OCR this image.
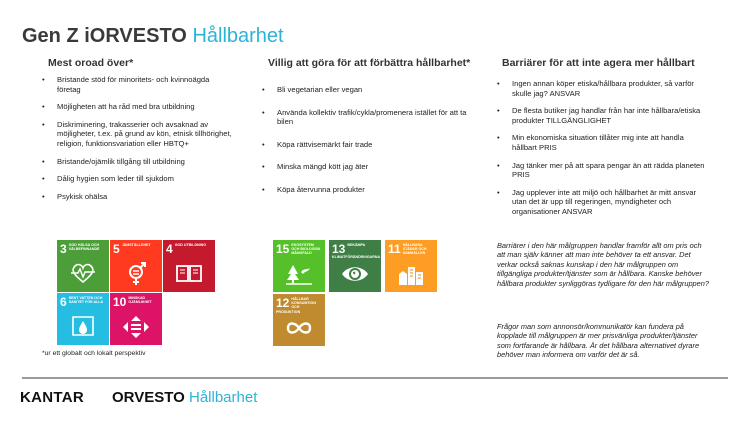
Gen Z iORVESTO Hållbarhet
Mest oroad över*
• Bristande stöd för minoritets- och kvinnoägda företag
• Möjligheten att ha råd med bra utbildning
• Diskriminering, trakasserier och avsaknad av möjligheter, t.ex. på grund av kön, etnisk tillhörighet, religion, funktionsvariation eller HBTQ+
• Bristande/ojämlik tillgång till utbildning
• Dålig hygien som leder till sjukdom
• Psykisk ohälsa
3 GOD HÄLSA OCH VÄLBEFINNANDE	5 JÄMSTÄLLDHET	4 GOD UTBILDNING
6 RENT VATTEN OCH SANITET FÖR ALLA 10 MINSKAD OJÄMLIKHET
*ur ett globalt och lokalt perspektiv
Villig att göra för att förbättra hållbarhet*
• Bli vegetarian eller vegan
• Använda kollektiv trafik/cykla/promenera istället för att ta bilen
• Köpa rättvisemärkt fair trade
• Minska mängd kött jag äter
• Köpa återvunna produkter
15 EKOSYSTEM OCH BIOLOGISK MÅNGFALD	13 BEKÄMPA KLIMATFÖRÄNDRINGARNA
11 HÅLLBARA STÄDER OCH SAMHÄLLEN
12 HÅLLBAR KONSUMTION OCH PRODUKTION
Barriärer för att inte agera mer hållbart
• Ingen annan köper etiska/hållbara produkter, så varför skulle jag? ANSVAR
• De flesta butiker jag handlar från har inte hållbara/etiska produkter TILLGÄNGLIGHET
• Min ekonomiska situation tillåter mig inte att handla hållbart PRIS
• Jag tänker mer på att spara pengar än att rädda planeten PRIS
• Jag upplever inte att miljö och hållbarhet är mitt ansvar utan det är upp till regeringen, myndigheter och organisationer ANSVAR
Barriärer i den här målgruppen handlar framför allt om pris och att man själv känner att man inte behöver ta ett ansvar. Det verkar också saknas kunskap i den här målgruppen om tillgängliga produkter/tjänster som är hållbara. Kanske behöver hållbara produkter synliggöras tydligare för den här målgruppen?
Frågor man som annonsör/kommunikatör kan fundera på kopplade till målgruppen är mer prisvänliga produkter/tjänster som fortfarande är hållbara. Är det hållbara alternativet dyrare behöver man informera om varför det är så.
KANTAR ORVESTO Hållbarhet
